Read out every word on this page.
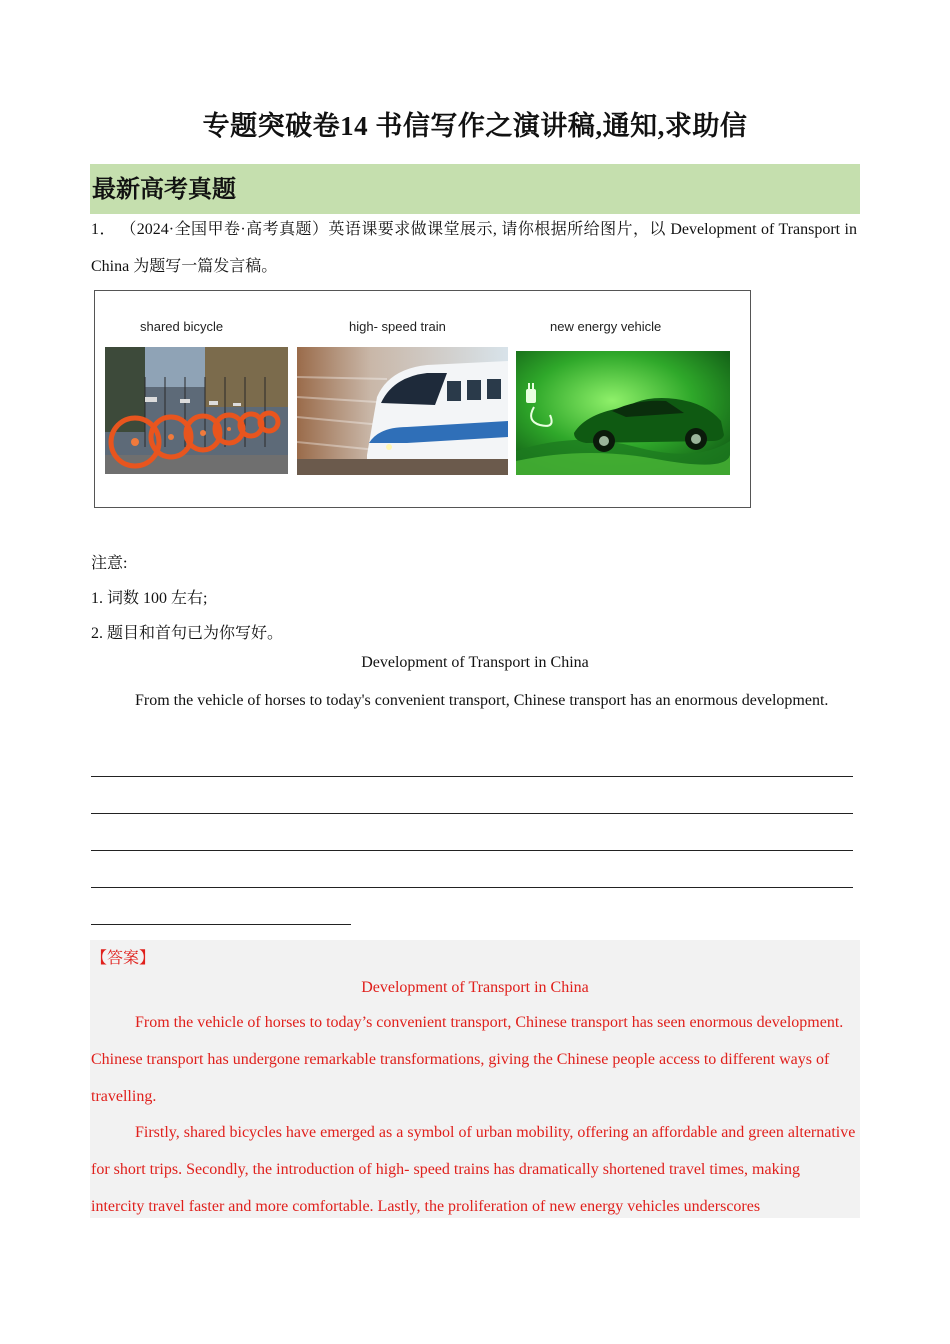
专题突破卷14 书信写作之演讲稿,通知,求助信
最新高考真题
1． （2024·全国甲卷·高考真题）英语课要求做课堂展示, 请你根据所给图片，以 Development of Transport in China 为题写一篇发言稿。
shared bicycle	high- speed train	new energy vehicle
注意:
1. 词数 100 左右;
2. 题目和首句已为你写好。
Development of Transport in China
From the vehicle of horses to today's convenient transport, Chinese transport has an enormous development.
【答案】
Development of Transport in China
From the vehicle of horses to today’s convenient transport, Chinese transport has seen enormous development. Chinese transport has undergone remarkable transformations, giving the Chinese people access to different ways of travelling.
Firstly, shared bicycles have emerged as a symbol of urban mobility, offering an affordable and green alternative for short trips. Secondly, the introduction of high- speed trains has dramatically shortened travel times, making intercity travel faster and more comfortable. Lastly, the proliferation of new energy vehicles underscores
